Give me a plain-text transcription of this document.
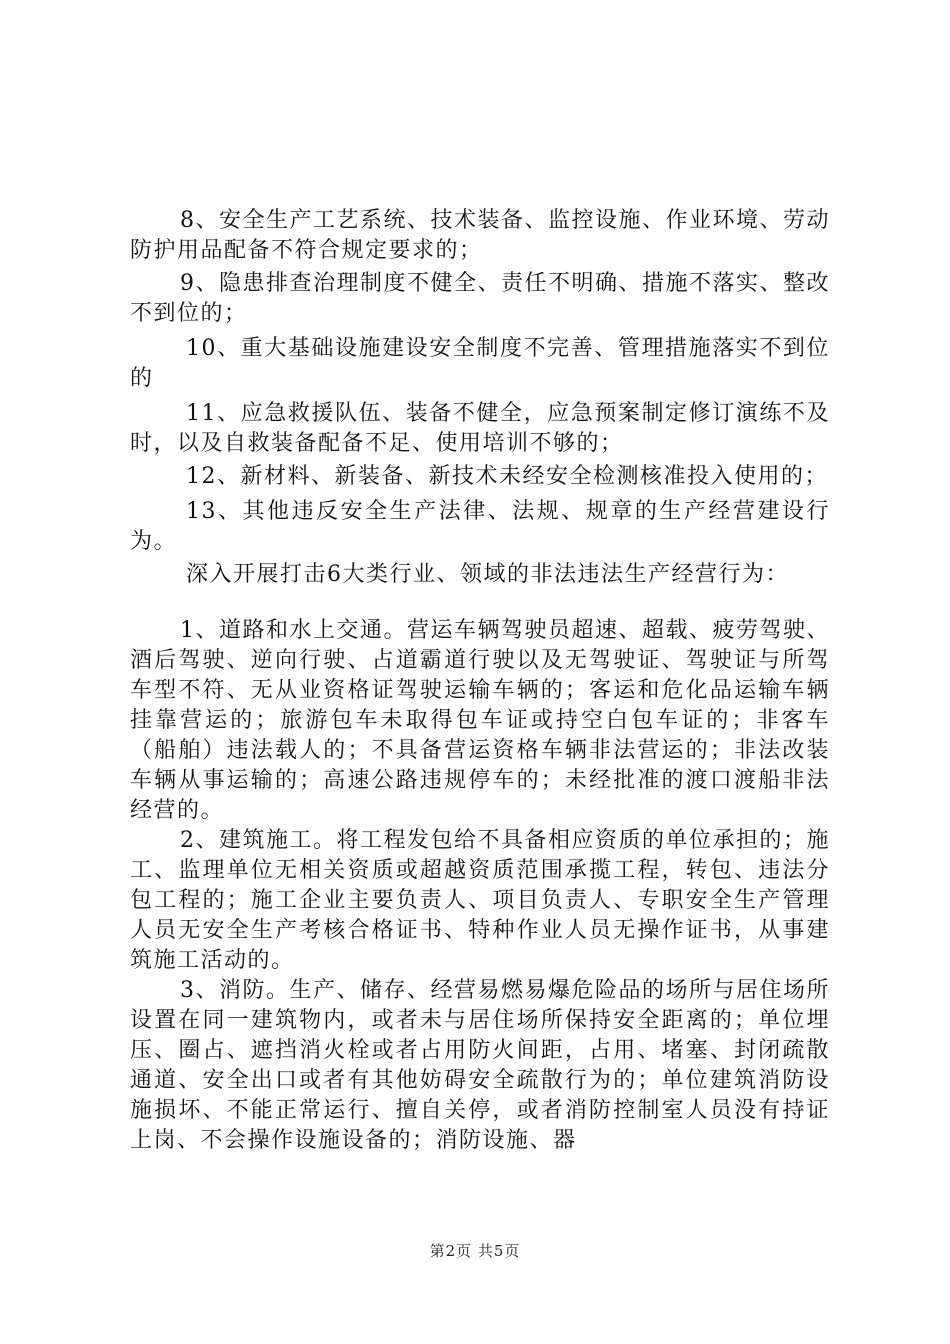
8、安全生产工艺系统、技术装备、监控设施、作业环境、劳动防护用品配备不符合规定要求的；

9、隐患排查治理制度不健全、责任不明确、措施不落实、整改不到位的；

10、重大基础设施建设安全制度不完善、管理措施落实不到位的

11、应急救援队伍、装备不健全，应急预案制定修订演练不及时，以及自救装备配备不足、使用培训不够的；

12、新材料、新装备、新技术未经安全检测核准投入使用的；

13、其他违反安全生产法律、法规、规章的生产经营建设行为。

深入开展打击6大类行业、领域的非法违法生产经营行为：

1、道路和水上交通。营运车辆驾驶员超速、超载、疲劳驾驶、酒后驾驶、逆向行驶、占道霸道行驶以及无驾驶证、驾驶证与所驾车型不符、无从业资格证驾驶运输车辆的；客运和危化品运输车辆挂靠营运的；旅游包车未取得包车证或持空白包车证的；非客车（船舶）违法载人的；不具备营运资格车辆非法营运的；非法改装车辆从事运输的；高速公路违规停车的；未经批准的渡口渡船非法经营的。

2、建筑施工。将工程发包给不具备相应资质的单位承担的；施工、监理单位无相关资质或超越资质范围承揽工程，转包、违法分包工程的；施工企业主要负责人、项目负责人、专职安全生产管理人员无安全生产考核合格证书、特种作业人员无操作证书，从事建筑施工活动的。

3、消防。生产、储存、经营易燃易爆危险品的场所与居住场所设置在同一建筑物内，或者未与居住场所保持安全距离的；单位埋压、圈占、遮挡消火栓或者占用防火间距，占用、堵塞、封闭疏散通道、安全出口或者有其他妨碍安全疏散行为的；单位建筑消防设施损坏、不能正常运行、擅自关停，或者消防控制室人员没有持证上岗、不会操作设施设备的；消防设施、器

第2页 共5页
